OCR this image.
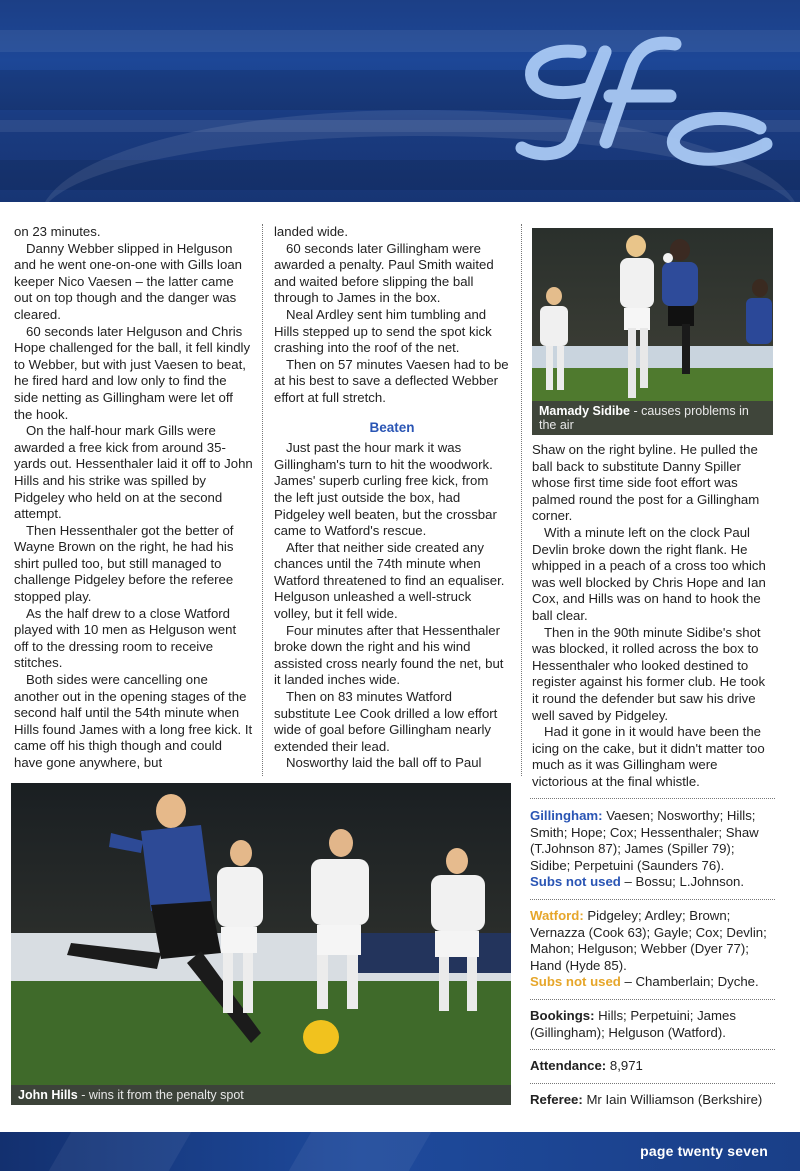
on 23 minutes.

Danny Webber slipped in Helguson and he went one-on-one with Gills loan keeper Nico Vaesen – the latter came out on top though and the danger was cleared.

60 seconds later Helguson and Chris Hope challenged for the ball, it fell kindly to Webber, but with just Vaesen to beat, he fired hard and low only to find the side netting as Gillingham were let off the hook.

On the half-hour mark Gills were awarded a free kick from around 35-yards out. Hessenthaler laid it off to John Hills and his strike was spilled by Pidgeley who held on at the second attempt.

Then Hessenthaler got the better of Wayne Brown on the right, he had his shirt pulled too, but still managed to challenge Pidgeley before the referee stopped play.

As the half drew to a close Watford played with 10 men as Helguson went off to the dressing room to receive stitches.

Both sides were cancelling one another out in the opening stages of the second half until the 54th minute when Hills found James with a long free kick. It came off his thigh though and could have gone anywhere, but

landed wide.

60 seconds later Gillingham were awarded a penalty. Paul Smith waited and waited before slipping the ball through to James in the box.

Neal Ardley sent him tumbling and Hills stepped up to send the spot kick crashing into the roof of the net.

Then on 57 minutes Vaesen had to be at his best to save a deflected Webber effort at full stretch.

Beaten

Just past the hour mark it was Gillingham's turn to hit the woodwork. James' superb curling free kick, from the left just outside the box, had Pidgeley well beaten, but the crossbar came to Watford's rescue.

After that neither side created any chances until the 74th minute when Watford threatened to find an equaliser. Helguson unleashed a well-struck volley, but it fell wide.

Four minutes after that Hessenthaler broke down the right and his wind assisted cross nearly found the net, but it landed inches wide.

Then on 83 minutes Watford substitute Lee Cook drilled a low effort wide of goal before Gillingham nearly extended their lead.

Nosworthy laid the ball off to Paul

Mamady Sidibe - causes problems in the air

Shaw on the right byline. He pulled the ball back to substitute Danny Spiller whose first time side foot effort was palmed round the post for a Gillingham corner.

With a minute left on the clock Paul Devlin broke down the right flank. He whipped in a peach of a cross too which was well blocked by Chris Hope and Ian Cox, and Hills was on hand to hook the ball clear.

Then in the 90th minute Sidibe's shot was blocked, it rolled across the box to Hessenthaler who looked destined to register against his former club. He took it round the defender but saw his drive well saved by Pidgeley.

Had it gone in it would have been the icing on the cake, but it didn't matter too much as it was Gillingham were victorious at the final whistle.

John Hills - wins it from the penalty spot
Gillingham: Vaesen; Nosworthy; Hills; Smith; Hope; Cox; Hessenthaler; Shaw (T.Johnson 87); James (Spiller 79); Sidibe; Perpetuini (Saunders 76).
Subs not used – Bossu; L.Johnson.
Watford: Pidgeley; Ardley; Brown; Vernazza (Cook 63); Gayle; Cox; Devlin; Mahon; Helguson; Webber (Dyer 77); Hand (Hyde 85).
Subs not used – Chamberlain; Dyche.
Bookings: Hills; Perpetuini; James (Gillingham); Helguson (Watford).
Attendance: 8,971
Referee: Mr Iain Williamson (Berkshire)
page twenty seven
